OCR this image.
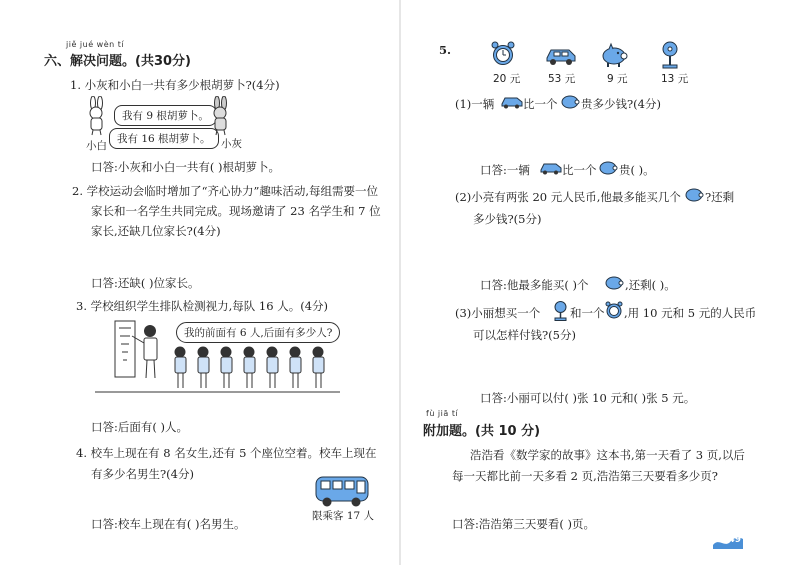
jiě jué wèn tí
六、解决问题。(共30分)
1. 小灰和小白一共有多少根胡萝卜?(4分)
我有 9 根胡萝卜。
我有 16 根胡萝卜。
小白	小灰
口答:小灰和小白一共有( )根胡萝卜。
2. 学校运动会临时增加了“齐心协力”趣味活动,每组需要一位
家长和一名学生共同完成。现场邀请了 23 名学生和 7 位
家长,还缺几位家长?(4分)
口答:还缺( )位家长。
3. 学校组织学生排队检测视力,每队 16 人。(4分)
我的前面有 6 人,后面有多少人?
口答:后面有( )人。
4. 校车上现在有 8 名女生,还有 5 个座位空着。校车上现在
有多少名男生?(4分)
限乘客 17 人
口答:校车上现在有( )名男生。
5.
20 元	53 元	9 元	13 元
(1)一辆 比一个 贵多少钱?(4分)
口答:一辆	比一个 贵( )。
(2)小亮有两张 20 元人民币,他最多能买几个 ?还剩
多少钱?(5分)
口答:他最多能买( )个	,还剩( )。
(3)小丽想买一个	和一个 ,用 10 元和 5 元的人民币
可以怎样付钱?(5分)
口答:小丽可以付( )张 10 元和( )张 5 元。
fù jiā tí
附加题。(共 10 分)
浩浩看《数学家的故事》这本书,第一天看了 3 页,以后
每一天都比前一天多看 2 页,浩浩第三天要看多少页?
口答:浩浩第三天要看( )页。
49
